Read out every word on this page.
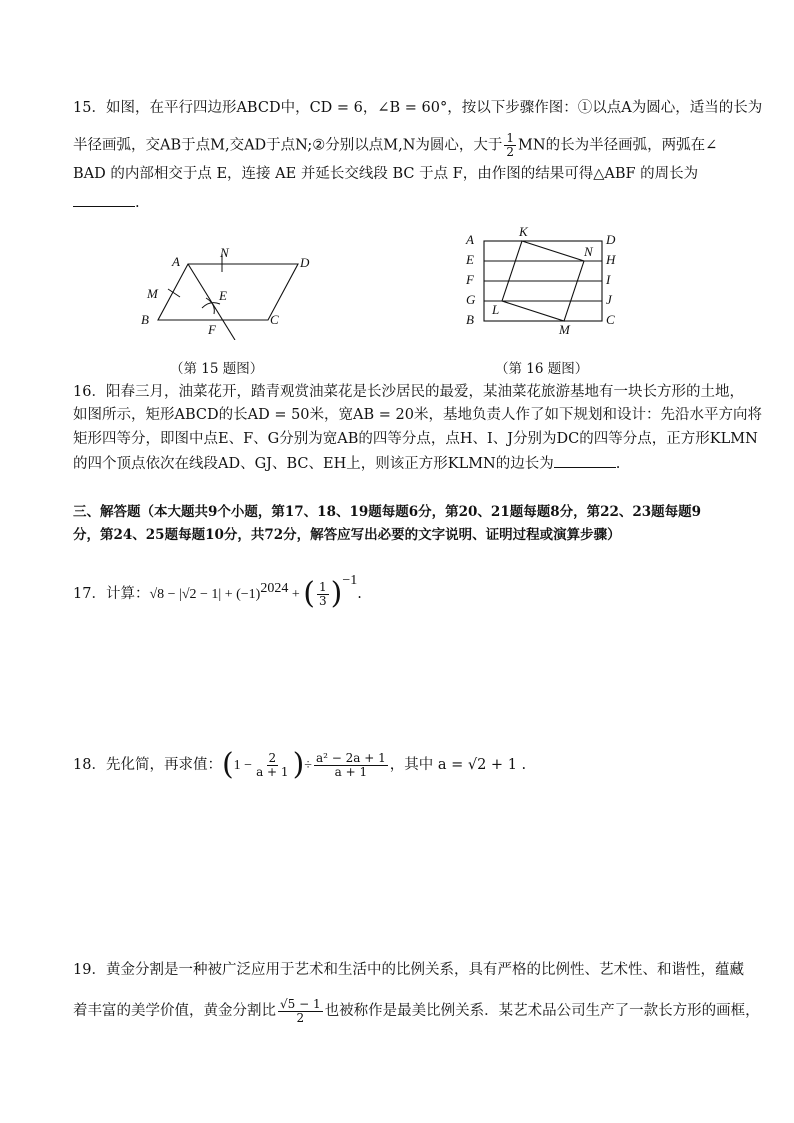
15．如图，在平行四边形ABCD中，CD = 6，∠B = 60°，按以下步骤作图：①以点A为圆心，适当的长为
半径画弧，交AB于点M,交AD于点N;②分别以点M,N为圆心，大于 $\frac{1}{2}$ MN的长为半径画弧，两弧在∠
BAD 的内部相交于点 E，连接 AE 并延长交线段 BC 于点 F，由作图的结果可得△ABF 的周长为
.
A
N
D
M	E
B
F
C
（第 15 题图）
A
K
D
E
N
H
F	I
G	J
L
B
M
C
（第 16 题图）
16．阳春三月，油菜花开，踏青观赏油菜花是长沙居民的最爱，某油菜花旅游基地有一块长方形的土地，
如图所示，矩形ABCD的长AD = 50米，宽AB = 20米，基地负责人作了如下规划和设计：先沿水平方向将
矩形四等分，即图中点E、F、G分别为宽AB的四等分点，点H、I、J分别为DC的四等分点，正方形KLMN
的四个顶点依次在线段AD、GJ、BC、EH上，则该正方形KLMN的边长为	.
三、解答题（本大题共9个小题，第17、18、19题每题6分，第20、21题每题8分，第22、23题每题9
分，第24、25题每题10分，共72分，解答应写出必要的文字说明、证明过程或演算步骤）
17．计算：$√8 - |√2 - 1| + (-1)^{2024}$ + ( $\frac{1}{3} )^{-1}$.
18．先化简，再求值：($1 - \frac{2}{a + 1}$ )÷ $\frac{\text{a² − 2a + 1}}{a + 1}$ ，其中 a = √2 + 1 .
19．黄金分割是一种被广泛应用于艺术和生活中的比例关系，具有严格的比例性、艺术性、和谐性，蕴藏
着丰富的美学价值，黄金分割比 $\frac{√5 - 1}{2}$ 也被称作是最美比例关系．某艺术品公司生产了一款长方形的画框，
